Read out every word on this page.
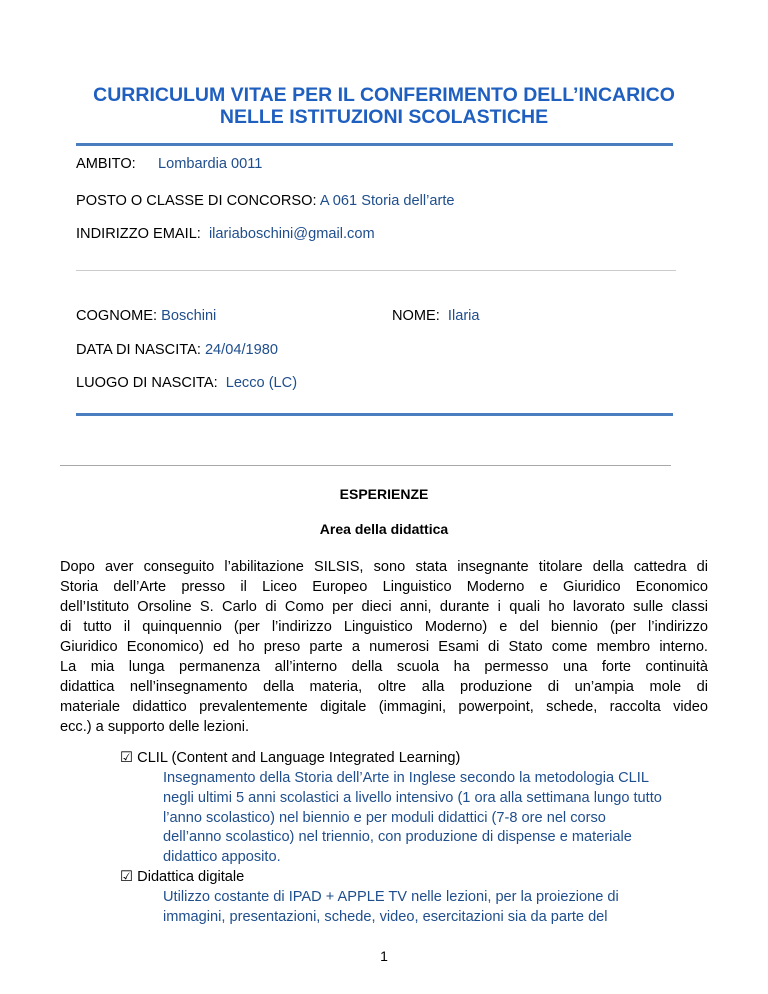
CURRICULUM VITAE PER IL CONFERIMENTO DELL’INCARICO
NELLE ISTITUZIONI SCOLASTICHE
AMBITO: Lombardia 0011
POSTO O CLASSE DI CONCORSO: A 061 Storia dell’arte
INDIRIZZO EMAIL: ilariaboschini@gmail.com
COGNOME: Boschini	NOME: Ilaria
DATA DI NASCITA: 24/04/1980
LUOGO DI NASCITA: Lecco (LC)
ESPERIENZE
Area della didattica
Dopo aver conseguito l’abilitazione SILSIS, sono stata insegnante titolare della cattedra di
Storia dell’Arte presso il Liceo Europeo Linguistico Moderno e Giuridico Economico
dell’Istituto Orsoline S. Carlo di Como per dieci anni, durante i quali ho lavorato sulle classi
di tutto il quinquennio (per l’indirizzo Linguistico Moderno) e del biennio (per l’indirizzo
Giuridico Economico) ed ho preso parte a numerosi Esami di Stato come membro interno.
La mia lunga permanenza all’interno della scuola ha permesso una forte continuità
didattica nell’insegnamento della materia, oltre alla produzione di un’ampia mole di
materiale didattico prevalentemente digitale (immagini, powerpoint, schede, raccolta video
ecc.) a supporto delle lezioni.
☑ CLIL (Content and Language Integrated Learning)
Insegnamento della Storia dell’Arte in Inglese secondo la metodologia CLIL
negli ultimi 5 anni scolastici a livello intensivo (1 ora alla settimana lungo tutto
l’anno scolastico) nel biennio e per moduli didattici (7-8 ore nel corso
dell’anno scolastico) nel triennio, con produzione di dispense e materiale
didattico apposito.
☑ Didattica digitale
Utilizzo costante di IPAD + APPLE TV nelle lezioni, per la proiezione di
immagini, presentazioni, schede, video, esercitazioni sia da parte del
1
